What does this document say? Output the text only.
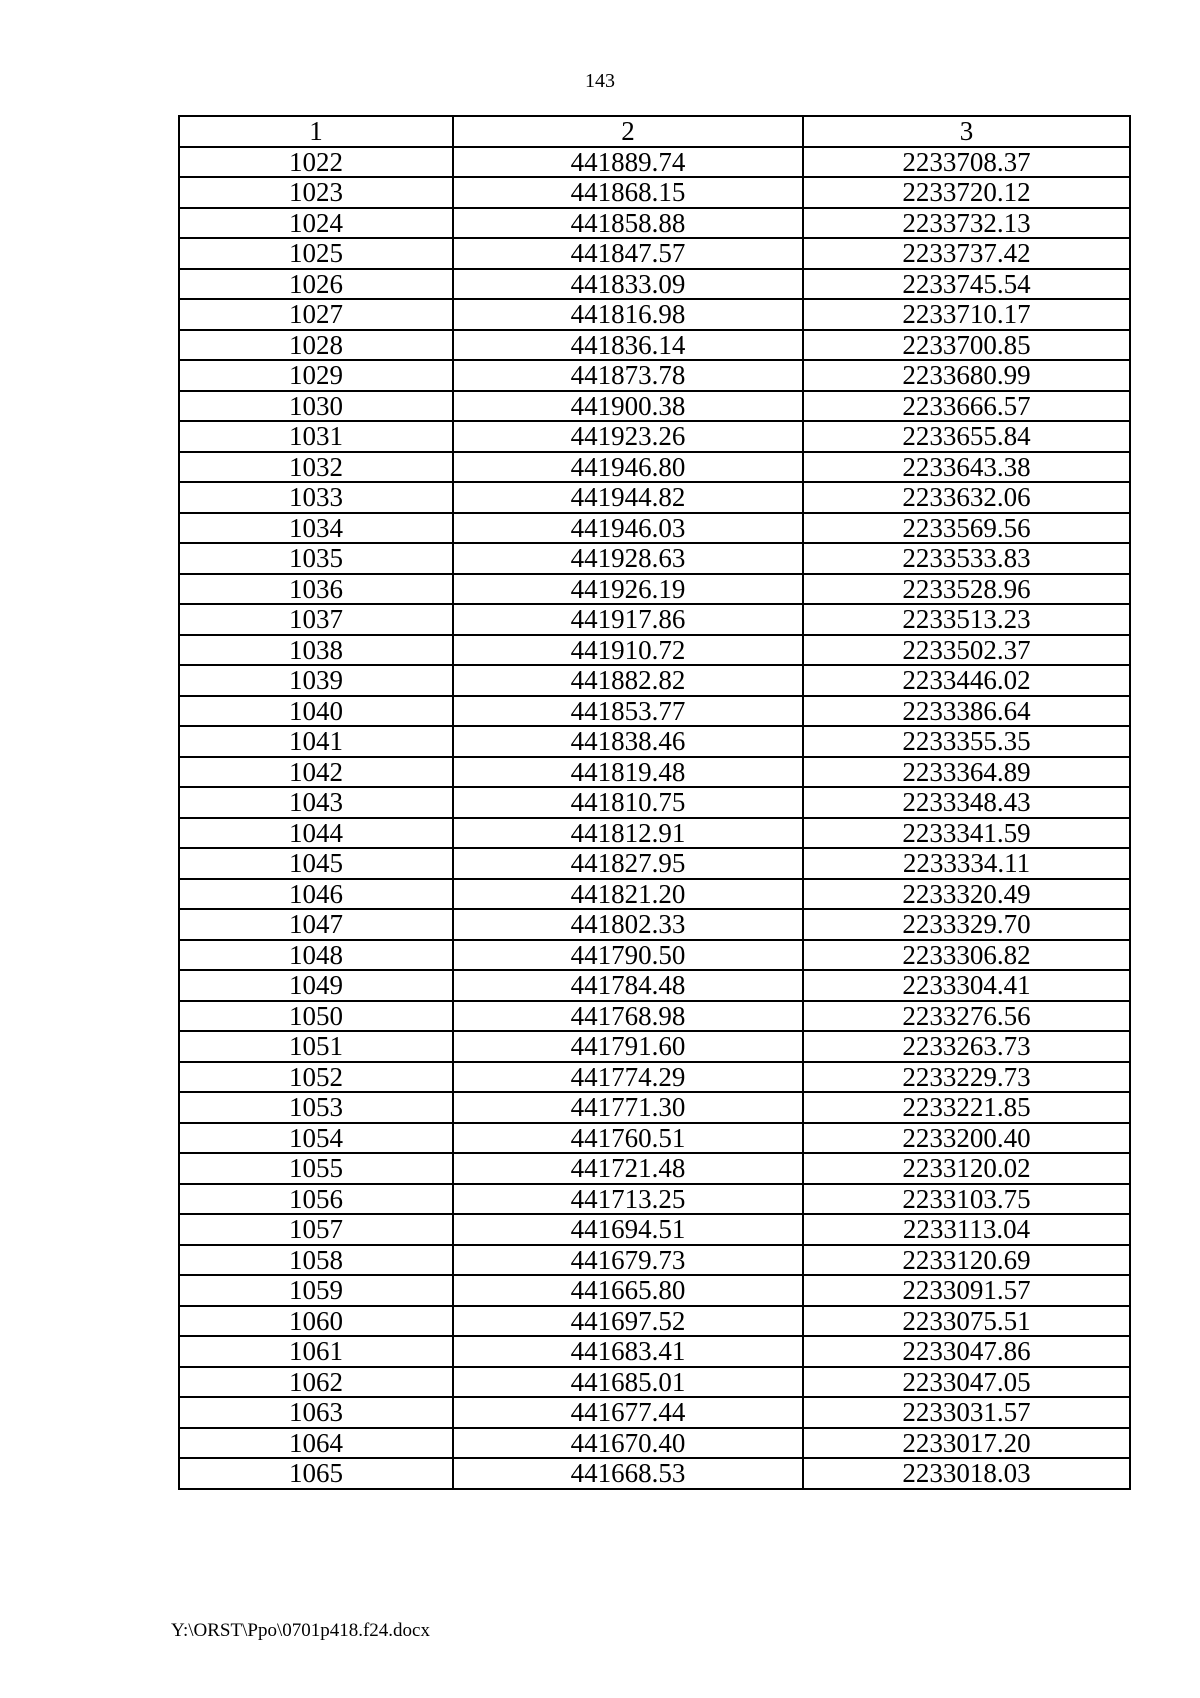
143
1	2	3
1022	441889.74	2233708.37
1023	441868.15	2233720.12
1024	441858.88	2233732.13
1025	441847.57	2233737.42
1026	441833.09	2233745.54
1027	441816.98	2233710.17
1028	441836.14	2233700.85
1029	441873.78	2233680.99
1030	441900.38	2233666.57
1031	441923.26	2233655.84
1032	441946.80	2233643.38
1033	441944.82	2233632.06
1034	441946.03	2233569.56
1035	441928.63	2233533.83
1036	441926.19	2233528.96
1037	441917.86	2233513.23
1038	441910.72	2233502.37
1039	441882.82	2233446.02
1040	441853.77	2233386.64
1041	441838.46	2233355.35
1042	441819.48	2233364.89
1043	441810.75	2233348.43
1044	441812.91	2233341.59
1045	441827.95	2233334.11
1046	441821.20	2233320.49
1047	441802.33	2233329.70
1048	441790.50	2233306.82
1049	441784.48	2233304.41
1050	441768.98	2233276.56
1051	441791.60	2233263.73
1052	441774.29	2233229.73
1053	441771.30	2233221.85
1054	441760.51	2233200.40
1055	441721.48	2233120.02
1056	441713.25	2233103.75
1057	441694.51	2233113.04
1058	441679.73	2233120.69
1059	441665.80	2233091.57
1060	441697.52	2233075.51
1061	441683.41	2233047.86
1062	441685.01	2233047.05
1063	441677.44	2233031.57
1064	441670.40	2233017.20
1065	441668.53	2233018.03
Y:\ORST\Ppo\0701p418.f24.docx
